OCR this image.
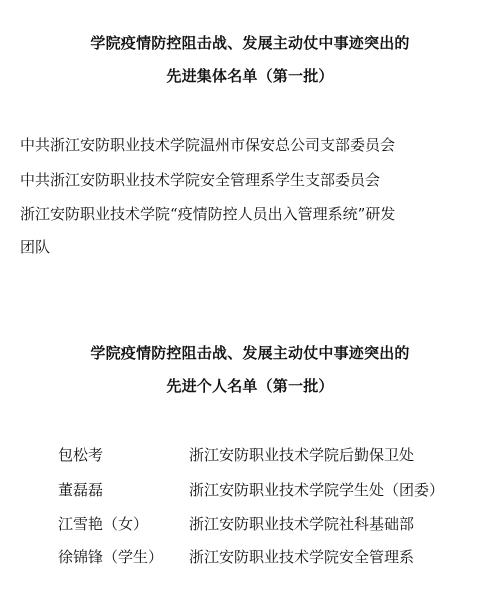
学院疫情防控阻击战、发展主动仗中事迹突出的
先进集体名单（第一批）
中共浙江安防职业技术学院温州市保安总公司支部委员会
中共浙江安防职业技术学院安全管理系学生支部委员会
浙江安防职业技术学院“疫情防控人员出入管理系统”研发
团队
学院疫情防控阻击战、发展主动仗中事迹突出的
先进个人名单（第一批）
包松考	浙江安防职业技术学院后勤保卫处
董磊磊	浙江安防职业技术学院学生处（团委）
江雪艳（女）	浙江安防职业技术学院社科基础部
徐锦锋（学生） 浙江安防职业技术学院安全管理系
